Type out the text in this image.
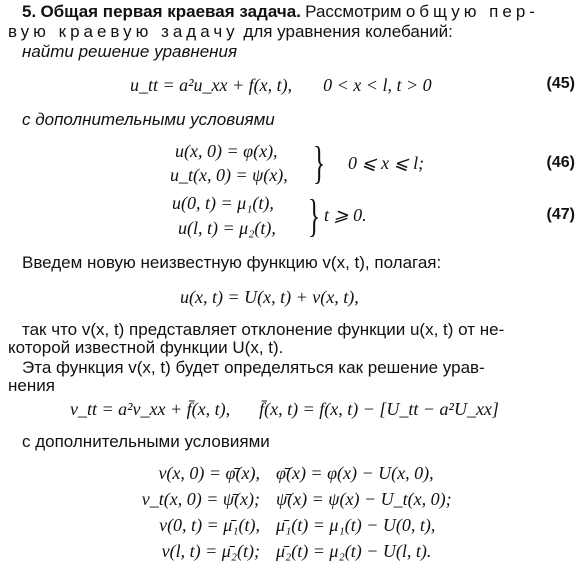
5. Общая первая краевая задача. Рассмотрим общую пер-
вую краевую задачу для уравнения колебаний:
найти решение уравнения
u_tt = a²u_xx + f(x, t), 0 < x < l, t > 0	(45)
с дополнительными условиями
u(x, 0) = φ(x),
u_t(x, 0) = ψ(x), } 0 ⩽ x ⩽ l;	(46)
u(0, t) = μ₁(t),
u(l, t) = μ₂(t), } t ⩾ 0.	(47)
Введем новую неизвестную функцию v(x, t), полагая:
u(x, t) = U(x, t) + v(x, t),
так что v(x, t) представляет отклонение функции u(x, t) от не-
которой известной функции U(x, t).
Эта функция v(x, t) будет определяться как решение урав-
нения
v_tt = a²v_xx + f̄(x, t), f̄(x, t) = f(x, t) − [U_tt − a²U_xx]
с дополнительными условиями
v(x, 0) = φ̄(x), φ̄(x) = φ(x) − U(x, 0),
v_t(x, 0) = ψ̄(x); ψ̄(x) = ψ(x) − U_t(x, 0);
v(0, t) = μ̄₁(t), μ̄₁(t) = μ₁(t) − U(0, t),
v(l, t) = μ̄₂(t); μ̄₂(t) = μ₂(t) − U(l, t).
